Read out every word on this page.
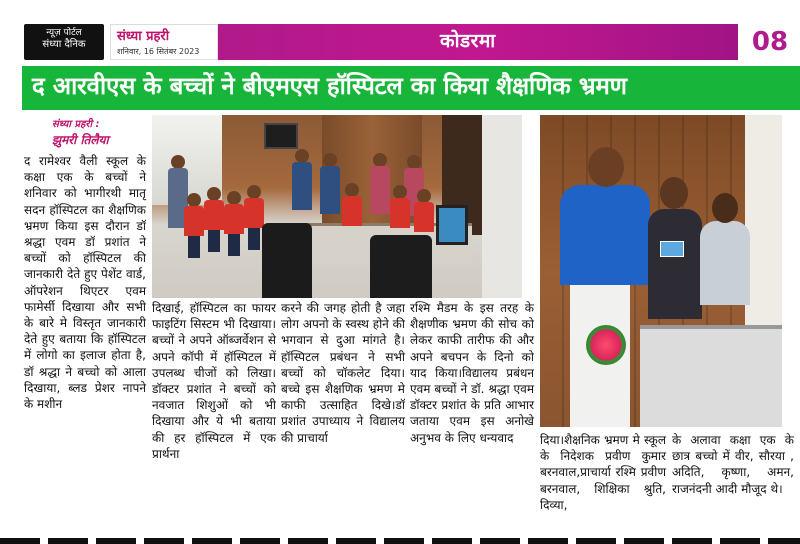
न्यूज़ पोर्टल
संध्या दैनिक
संध्या प्रहरी
शनिवार, 16 सितंबर 2023	कोडरमा	08
द आरवीएस के बच्चों ने बीएमएस हॉस्पिटल का किया शैक्षणिक भ्रमण
संध्या प्रहरी :
झुमरी तिलैया
द रामेश्वर वैली स्कूल के कक्षा एक के बच्चों ने शनिवार को भागीरथी मातृ सदन हॉस्पिटल का शैक्षणिक भ्रमण किया इस दौरान डॉ श्रद्धा एवम डॉ प्रशांत ने बच्चों को हॉस्पिटल की जानकारी देते हुए पेशेंट वार्ड, ऑपरेशन थिएटर एवम फामेर्सी दिखाया और सभी के बारे मे विस्तृत जानकारी देते हुए बताया कि हॉस्पिटल में लोगो का इलाज होता है, डॉ श्रद्धा ने बच्चो को आला दिखाया, ब्लड प्रेशर नापने के मशीन
दिखाई, हॉस्पिटल का फायर फाइटिंग सिस्टम भी दिखाया।बच्चों ने अपने ऑब्जर्वेशन से अपने कॉपी में हॉस्पिटल में उपलब्ध चीजों को लिखा।डॉक्टर प्रशांत ने बच्चों को नवजात शिशुओं को भी दिखाया और ये भी बताया की हर हॉस्पिटल में एक प्रार्थना
करने की जगह होती है जहा लोग अपनो के स्वस्थ होने की भगवान से दुआ मांगते है।हॉस्पिटल प्रबंधन ने सभी बच्चों को चॉकलेट दिया। बच्चे इस शैक्षणिक भ्रमण मे काफी उत्साहित दिखे।डॉ प्रशांत उपाध्याय ने विद्यालय की प्राचार्या
रश्मि मैडम के इस तरह के शैक्षणीक भ्रमण की सोच को लेकर काफी तारीफ की और अपने बचपन के दिनो को याद किया।विद्यालय प्रबंधन एवम बच्चों ने डॉ. श्रद्धा एवम डॉक्टर प्रशांत के प्रति आभार जताया एवम इस अनोखे अनुभव के लिए धन्यवाद	दिया।शैक्षनिक भ्रमण मे स्कूल के निदेशक प्रवीण कुमार बरनवाल,प्राचार्या रश्मि प्रवीण बरनवाल, शिक्षिका श्रुति, दिव्या,
के अलावा कक्षा एक के छात्र बच्चो में वीर, सौरया , अदिति, कृष्णा, अमन, राजनंदनी आदी मौजूद थे।
